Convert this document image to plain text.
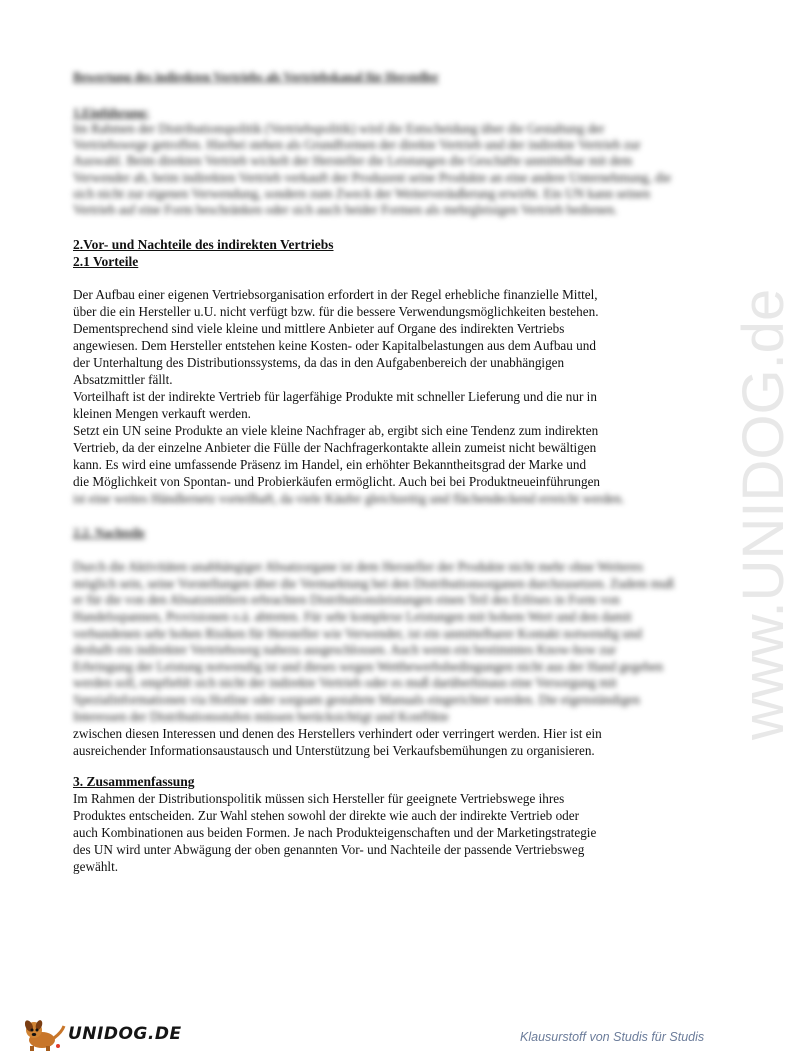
www.UNIDOG.de

Bewertung des indirekten Vertriebs als Vertriebskanal für Hersteller

1.Einführung:

Im Rahmen der Distributionspolitik (Vertriebspolitik) wird die Entscheidung über die Gestaltung der Vertriebswege getroffen. Hierbei stehen als Grundformen der direkte Vertrieb und der indirekte Vertrieb zur Auswahl. Beim direkten Vertrieb wickelt der Hersteller die Leistungen die Geschäfte unmittelbar mit dem Verwender ab, beim indirekten Vertrieb verkauft der Produzent seine Produkte an eine andere Unternehmung, die sich nicht zur eigenen Verwendung, sondern zum Zweck der Weiterveräußerung erwirbt. Ein UN kann seinen Vertrieb auf eine Form beschränken oder sich auch beider Formen als mehrgleisigen Vertrieb bedienen.

2.Vor- und Nachteile des indirekten Vertriebs

2.1 Vorteile

Der Aufbau einer eigenen Vertriebsorganisation erfordert in der Regel erhebliche finanzielle Mittel,

über die ein Hersteller u.U. nicht verfügt bzw. für die bessere Verwendungsmöglichkeiten bestehen.

Dementsprechend sind viele kleine und mittlere Anbieter auf Organe des indirekten Vertriebs

angewiesen. Dem Hersteller entstehen keine Kosten- oder Kapitalbelastungen aus dem Aufbau und

der Unterhaltung des Distributionssystems, da das in den Aufgabenbereich der unabhängigen

Absatzmittler fällt.

Vorteilhaft ist der indirekte Vertrieb für lagerfähige Produkte mit schneller Lieferung und die nur in

kleinen Mengen verkauft werden.

Setzt ein UN seine Produkte an viele kleine Nachfrager ab, ergibt sich eine Tendenz zum indirekten

Vertrieb, da der einzelne Anbieter die Fülle der Nachfragerkontakte allein zumeist nicht bewältigen

kann. Es wird eine umfassende Präsenz im Handel, ein erhöhter Bekanntheitsgrad der Marke und

die Möglichkeit von Spontan- und Probierkäufen ermöglicht. Auch bei bei Produktneueinführungen

ist eine weites Händlernetz vorteilhaft, da viele Käufer gleichzeitig und flächendeckend erreicht werden.

2.2. Nachteile

Durch die Aktivitäten unabhängiger Absatzorgane ist dem Hersteller der Produkte nicht mehr ohne Weiteres möglich sein, seine Vorstellungen über die Vermarktung bei den Distributionsorganen durchzusetzen. Zudem muß er für die von den Absatzmittlern erbrachten Distributionsleistungen einen Teil des Erlöses in Form von Handelsspannen, Provisionen o.ä. abtreten. Für sehr komplexe Leistungen mit hohem Wert und den damit verbundenen sehr hohen Risiken für Hersteller wie Verwender, ist ein unmittelbarer Kontakt notwendig und deshalb ein indirekter Vertriebsweg nahezu ausgeschlossen. Auch wenn ein bestimmtes Know-how zur Erbringung der Leistung notwendig ist und dieses wegen Wettbewerbsbedingungen nicht aus der Hand gegeben werden soll, empfiehlt sich nicht der indirekte Vertrieb oder es muß darüberhinaus eine Versorgung mit Spezialinformationen via Hotline oder sorgsam gestaltete Manuals eingerichtet werden. Die eigenständigen Interessen der Distributionsstufen müssen berücksichtigt und Konflikte

zwischen diesen Interessen und denen des Herstellers verhindert oder verringert werden. Hier ist ein

ausreichender Informationsaustausch und Unterstützung bei Verkaufsbemühungen zu organisieren.

3. Zusammenfassung

Im Rahmen der Distributionspolitik müssen sich Hersteller für geeignete Vertriebswege ihres

Produktes entscheiden. Zur Wahl stehen sowohl der direkte wie auch der indirekte Vertrieb oder

auch Kombinationen aus beiden Formen. Je nach Produkteigenschaften und der Marketingstrategie

des UN wird unter Abwägung der oben genannten Vor- und Nachteile der passende Vertriebsweg

gewählt.

UNIDOG.DE	Klausurstoff von Studis für Studis
